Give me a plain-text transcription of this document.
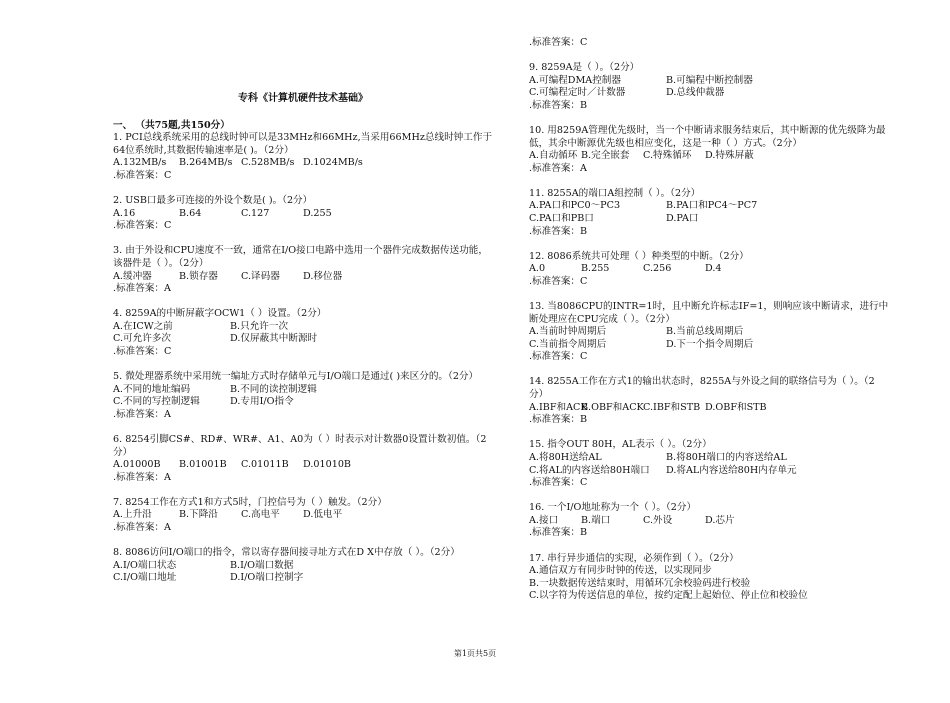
专科《计算机硬件技术基础》
一、 （共75题,共150分）
1. PCI总线系统采用的总线时钟可以是33MHz和66MHz,当采用66MHz总线时钟工作于64位系统时,其数据传输速率是( )。（2分）
A.132MB/s	B.264MB/s C.528MB/s D.1024MB/s
.标准答案：C
2. USB口最多可连接的外设个数是( )。（2分）
A.16	B.64	C.127	D.255
.标准答案：C
3. 由于外设和CPU速度不一致，通常在I/O接口电路中选用一个器件完成数据传送功能，该器件是（ ）。（2分）
A.缓冲器	B.锁存器	C.译码器	D.移位器
.标准答案：A
4. 8259A的中断屏蔽字OCW1（ ）设置。（2分）
A.在ICW之前	B.只允许一次
C.可允许多次	D.仅屏蔽其中断源时
.标准答案：C
5. 微处理器系统中采用统一编址方式时存储单元与I/O端口是通过( )来区分的。（2分）
A.不同的地址编码	B.不同的读控制逻辑
C.不同的写控制逻辑	D.专用I/O指令
.标准答案：A
6. 8254引脚CS#、RD#、WR#、A1、A0为（ ）时表示对计数器0设置计数初值。（2分）
A.01000B	B.01001B	C.01011B	D.01010B
.标准答案：A
7. 8254工作在方式1和方式5时，门控信号为（ ）触发。（2分）
A.上升沿	B.下降沿	C.高电平	D.低电平
.标准答案：A
8. 8086访问I/O端口的指令，常以寄存器间接寻址方式在D X中存放（ ）。（2分）
A.I/O端口状态	B.I/O端口数据
C.I/O端口地址	D.I/O端口控制字
.标准答案：C
9. 8259A是（ ）。（2分）
A.可编程DMA控制器	B.可编程中断控制器
C.可编程定时／计数器	D.总线仲裁器
.标准答案：B
10. 用8259A管理优先级时，当一个中断请求服务结束后，其中断源的优先级降为最低，其余中断源优先级也相应变化，这是一种（ ）方式。（2分）
A.自动循环 B.完全嵌套	C.特殊循环	D.特殊屏蔽
.标准答案：A
11. 8255A的端口A组控制（ ）。（2分）
A.PA口和PC0～PC3	B.PA口和PC4～PC7
C.PA口和PB口	D.PA口
.标准答案：B
12. 8086系统共可处理（ ）种类型的中断。（2分）
A.0	B.255	C.256	D.4
.标准答案：C
13. 当8086CPU的INTR=1时，且中断允许标志IF=1，则响应该中断请求，进行中断处理应在CPU完成（ ）。（2分）
A.当前时钟周期后	B.当前总线周期后
C.当前指令周期后	D.下一个指令周期后
.标准答案：C
14. 8255A工作在方式1的输出状态时，8255A与外设之间的联络信号为（ ）。（2分）
A.IBF和ACK
B.OBF和ACK C.IBF和STB D.OBF和STB
.标准答案：B
15. 指令OUT 80H，AL表示（ ）。（2分）
A.将80H送给AL	B.将80H端口的内容送给AL
C.将AL的内容送给80H端口	D.将AL内容送给80H内存单元
.标准答案：C
16. 一个I/O地址称为一个（ ）。（2分）
A.接口	B.端口	C.外设	D.芯片
.标准答案：B
17. 串行异步通信的实现，必须作到（ ）。（2分）
A.通信双方有同步时钟的传送，以实现同步
B.一块数据传送结束时，用循环冗余校验码进行校验
C.以字符为传送信息的单位，按约定配上起始位、停止位和校验位
第1页共5页
